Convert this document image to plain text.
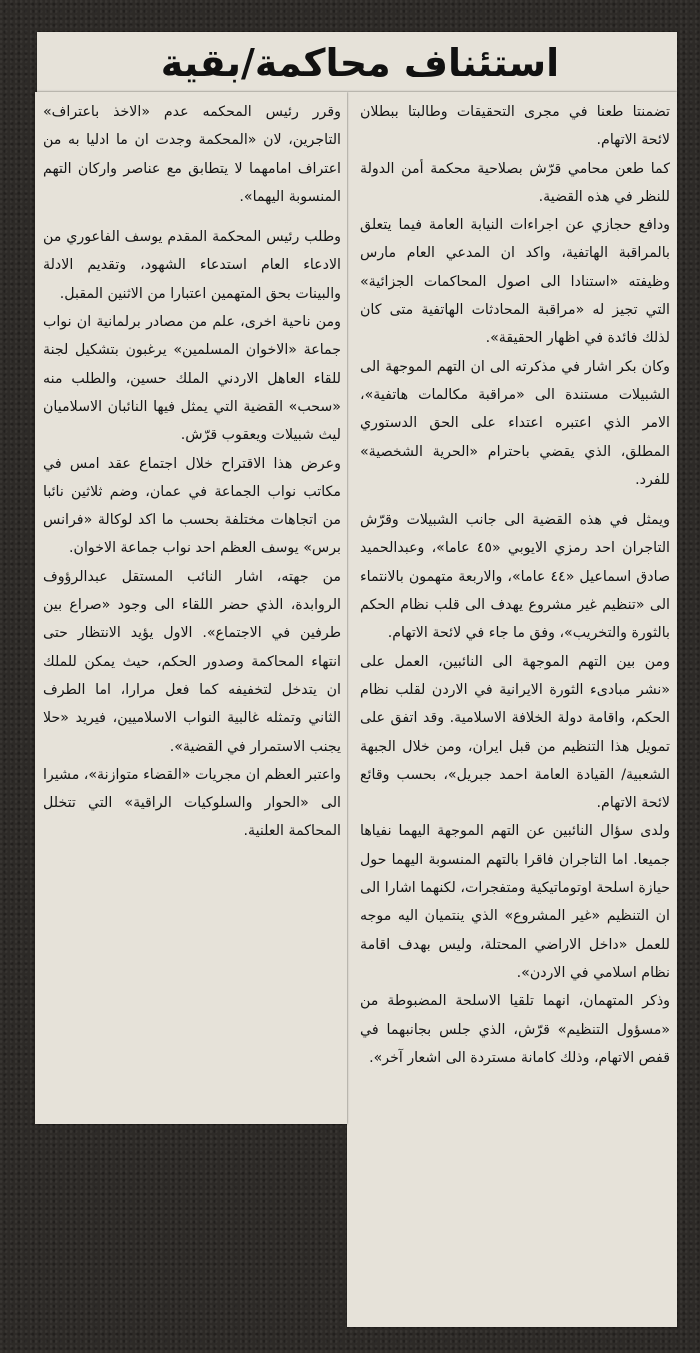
استئناف محاكمة/بقية

تضمنتا طعنا في مجرى التحقيقات وطالبتا ببطلان لائحة الاتهام.

كما طعن محامي قرّش بصلاحية محكمة أمن الدولة للنظر في هذه القضية.

ودافع حجازي عن اجراءات النيابة العامة فيما يتعلق بالمراقبة الهاتفية، واكد ان المدعي العام مارس وظيفته «استنادا الى اصول المحاكمات الجزائية» التي تجيز له «مراقبة المحادثات الهاتفية متى كان لذلك فائدة في اظهار الحقيقة».

وكان بكر اشار في مذكرته الى ان التهم الموجهة الى الشبيلات مستندة الى «مراقبة مكالمات هاتفية»، الامر الذي اعتبره اعتداء على الحق الدستوري المطلق، الذي يقضي باحترام «الحرية الشخصية» للفرد.

ويمثل في هذه القضية الى جانب الشبيلات وقرّش التاجران احد رمزي الايوبي «٤٥ عاما»، وعبدالحميد صادق اسماعيل «٤٤ عاما»، والاربعة متهمون بالانتماء الى «تنظيم غير مشروع يهدف الى قلب نظام الحكم بالثورة والتخريب»، وفق ما جاء في لائحة الاتهام.

ومن بين التهم الموجهة الى النائبين، العمل على «نشر مبادىء الثورة الايرانية في الاردن لقلب نظام الحكم، واقامة دولة الخلافة الاسلامية. وقد اتفق على تمويل هذا التنظيم من قبل ايران، ومن خلال الجبهة الشعبية/ القيادة العامة احمد جبريل»، بحسب وقائع لائحة الاتهام.

ولدى سؤال النائبين عن التهم الموجهة اليهما نفياها جميعا. اما التاجران فاقرا بالتهم المنسوبة اليهما حول حيازة اسلحة اوتوماتيكية ومتفجرات، لكنهما اشارا الى ان التنظيم «غير المشروع» الذي ينتميان اليه موجه للعمل «داخل الاراضي المحتلة، وليس بهدف اقامة نظام اسلامي في الاردن».

وذكر المتهمان، انهما تلقيا الاسلحة المضبوطة من «مسؤول التنظيم» قرّش، الذي جلس بجانبهما في قفص الاتهام، وذلك كامانة مستردة الى اشعار آخر».

وقرر رئيس المحكمه عدم «الاخذ باعتراف» التاجرين، لان «المحكمة وجدت ان ما ادليا به من اعتراف امامهما لا يتطابق مع عناصر واركان التهم المنسوبة اليهما».

وطلب رئيس المحكمة المقدم يوسف الفاعوري من الادعاء العام استدعاء الشهود، وتقديم الادلة والبينات بحق المتهمين اعتبارا من الاثنين المقبل.

ومن ناحية اخرى، علم من مصادر برلمانية ان نواب جماعة «الاخوان المسلمين» يرغبون بتشكيل لجنة للقاء العاهل الاردني الملك حسين، والطلب منه «سحب» القضية التي يمثل فيها النائبان الاسلاميان ليث شبيلات ويعقوب قرّش.

وعرض هذا الاقتراح خلال اجتماع عقد امس في مكاتب نواب الجماعة في عمان، وضم ثلاثين نائبا من اتجاهات مختلفة بحسب ما اكد لوكالة «فرانس برس» يوسف العظم احد نواب جماعة الاخوان.

من جهته، اشار النائب المستقل عبدالرؤوف الروابدة، الذي حضر اللقاء الى وجود «صراع بين طرفين في الاجتماع». الاول يؤيد الانتظار حتى انتهاء المحاكمة وصدور الحكم، حيث يمكن للملك ان يتدخل لتخفيفه كما فعل مرارا، اما الطرف الثاني وتمثله غالبية النواب الاسلاميين، فيريد «حلا يجنب الاستمرار في القضية».

واعتبر العظم ان مجريات «القضاء متوازنة»، مشيرا الى «الحوار والسلوكيات الراقية» التي تتخلل المحاكمة العلنية.
